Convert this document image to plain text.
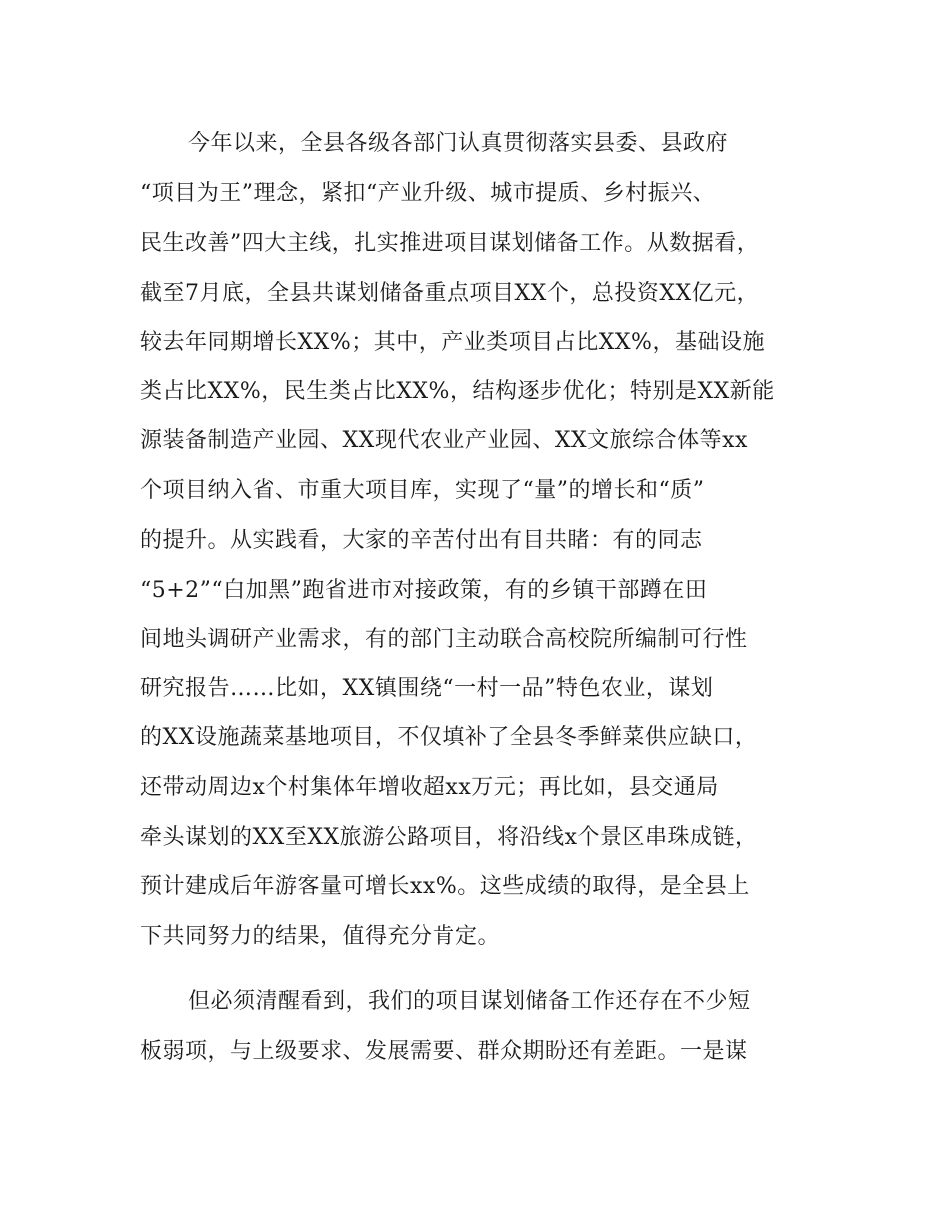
今年以来，全县各级各部门认真贯彻落实县委、县政府
“项目为王”理念，紧扣“产业升级、城市提质、乡村振兴、
民生改善”四大主线，扎实推进项目谋划储备工作。从数据看，
截至7月底，全县共谋划储备重点项目XX个，总投资XX亿元，
较去年同期增长XX%；其中，产业类项目占比XX%，基础设施
类占比XX%，民生类占比XX%，结构逐步优化；特别是XX新能
源装备制造产业园、XX现代农业产业园、XX文旅综合体等xx
个项目纳入省、市重大项目库，实现了“量”的增长和“质”
的提升。从实践看，大家的辛苦付出有目共睹：有的同志
“5+2”“白加黑”跑省进市对接政策，有的乡镇干部蹲在田
间地头调研产业需求，有的部门主动联合高校院所编制可行性
研究报告……比如，XX镇围绕“一村一品”特色农业，谋划
的XX设施蔬菜基地项目，不仅填补了全县冬季鲜菜供应缺口，
还带动周边x个村集体年增收超xx万元；再比如，县交通局
牵头谋划的XX至XX旅游公路项目，将沿线x个景区串珠成链，
预计建成后年游客量可增长xx%。这些成绩的取得，是全县上
下共同努力的结果，值得充分肯定。
但必须清醒看到，我们的项目谋划储备工作还存在不少短
板弱项，与上级要求、发展需要、群众期盼还有差距。一是谋
